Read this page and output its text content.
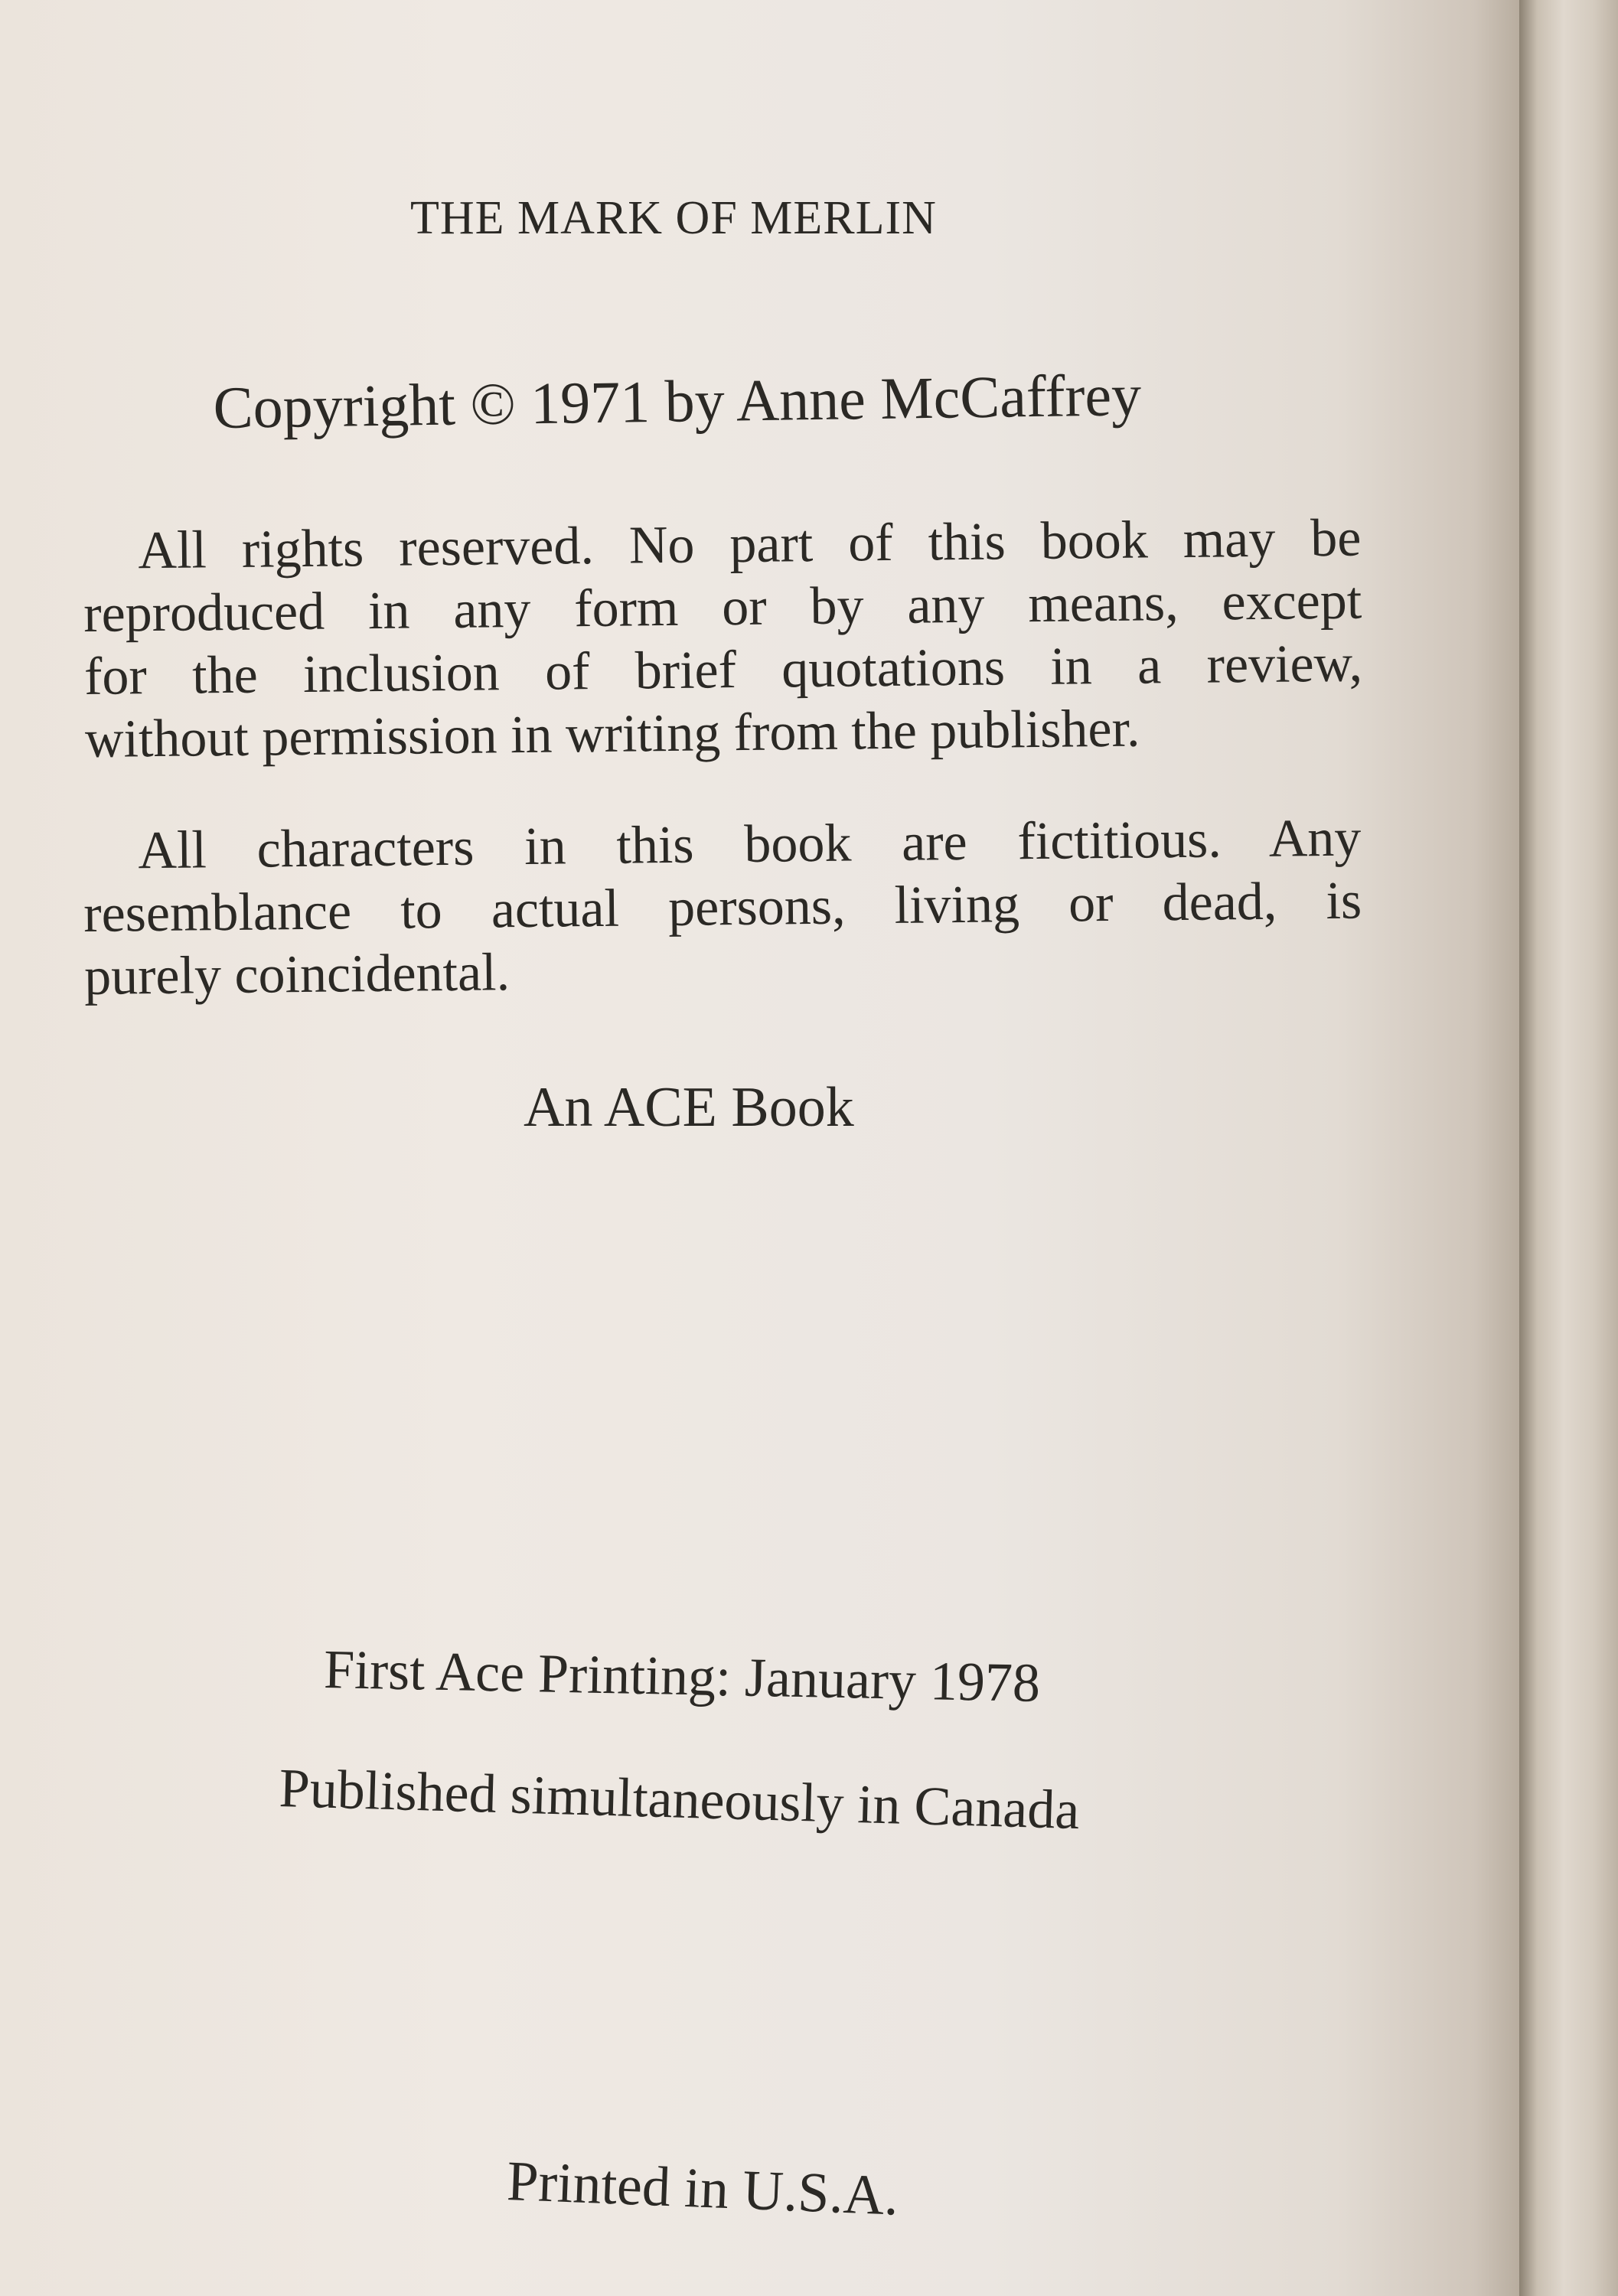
THE MARK OF MERLIN

Copyright © 1971 by Anne McCaffrey

All rights reserved. No part of this book may be
reproduced in any form or by any means, except
for the inclusion of brief quotations in a review,
without permission in writing from the publisher.
All characters in this book are fictitious. Any
resemblance to actual persons, living or dead, is
purely coincidental.

An ACE Book

First Ace Printing: January 1978

Published simultaneously in Canada

Printed in U.S.A.
